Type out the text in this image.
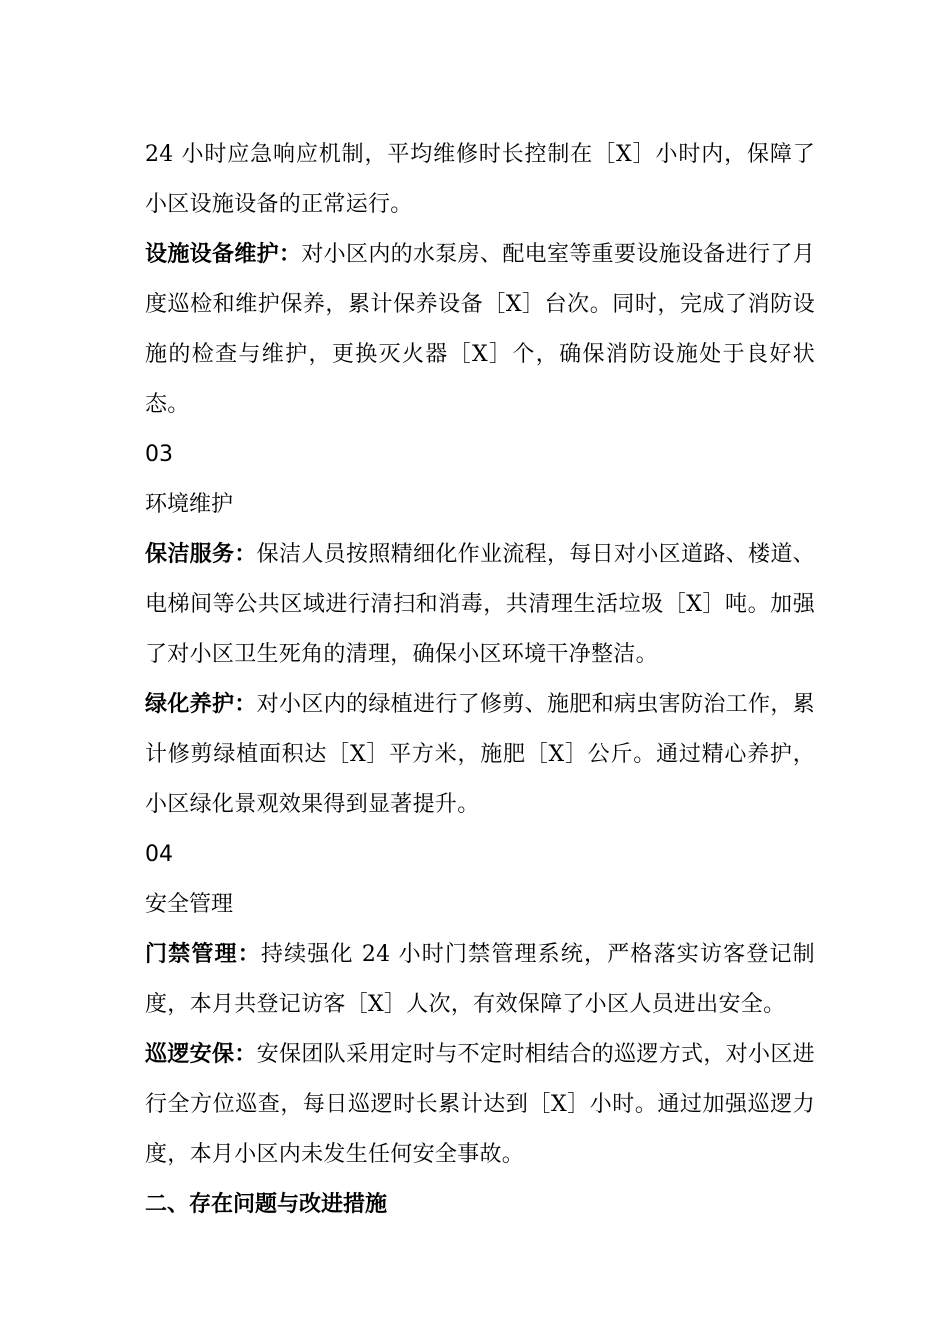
24 小时应急响应机制，平均维修时长控制在［X］小时内，保障了小区设施设备的正常运行。

设施设备维护：对小区内的水泵房、配电室等重要设施设备进行了月度巡检和维护保养，累计保养设备［X］台次。同时，完成了消防设施的检查与维护，更换灭火器［X］个，确保消防设施处于良好状态。

03

环境维护

保洁服务：保洁人员按照精细化作业流程，每日对小区道路、楼道、电梯间等公共区域进行清扫和消毒，共清理生活垃圾［X］吨。加强了对小区卫生死角的清理，确保小区环境干净整洁。

绿化养护：对小区内的绿植进行了修剪、施肥和病虫害防治工作，累计修剪绿植面积达［X］平方米，施肥［X］公斤。通过精心养护，小区绿化景观效果得到显著提升。

04

安全管理

门禁管理：持续强化 24 小时门禁管理系统，严格落实访客登记制度，本月共登记访客［X］人次，有效保障了小区人员进出安全。

巡逻安保：安保团队采用定时与不定时相结合的巡逻方式，对小区进行全方位巡查，每日巡逻时长累计达到［X］小时。通过加强巡逻力度，本月小区内未发生任何安全事故。

二、存在问题与改进措施
